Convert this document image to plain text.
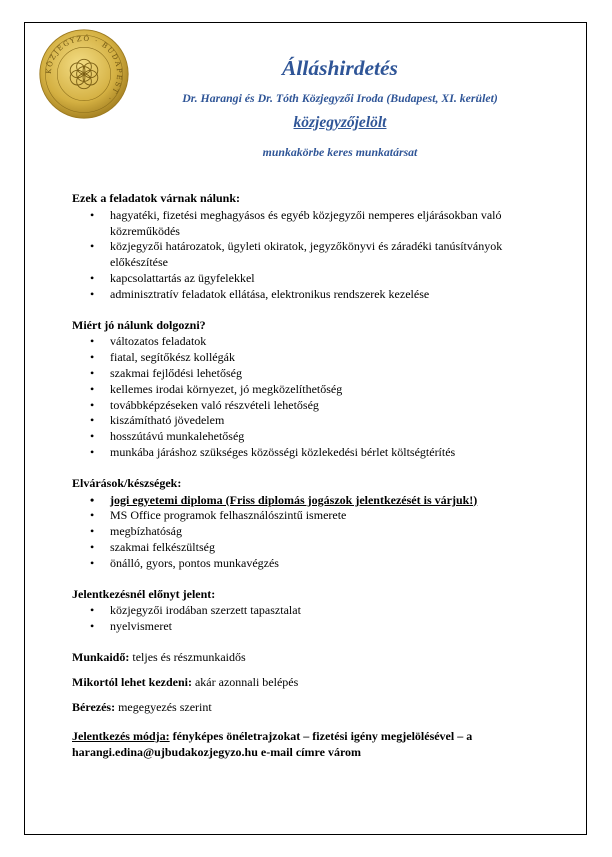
KÖZJEGYZŐ · BUDAPEST ·
Álláshirdetés
Dr. Harangi és Dr. Tóth Közjegyzői Iroda (Budapest, XI. kerület)
közjegyzőjelölt
munkakörbe keres munkatársat
Ezek a feladatok várnak nálunk:
• hagyatéki, fizetési meghagyásos és egyéb közjegyzői nemperes eljárásokban való közreműködés
• közjegyzői határozatok, ügyleti okiratok, jegyzőkönyvi és záradéki tanúsítványok előkészítése
• kapcsolattartás az ügyfelekkel
• adminisztratív feladatok ellátása, elektronikus rendszerek kezelése
Miért jó nálunk dolgozni?
• változatos feladatok
• fiatal, segítőkész kollégák
• szakmai fejlődési lehetőség
• kellemes irodai környezet, jó megközelíthetőség
• továbbképzéseken való részvételi lehetőség
• kiszámítható jövedelem
• hosszútávú munkalehetőség
• munkába járáshoz szükséges közösségi közlekedési bérlet költségtérítés
Elvárások/készségek:
• jogi egyetemi diploma (Friss diplomás jogászok jelentkezését is várjuk!)
• MS Office programok felhasználószintű ismerete
• megbízhatóság
• szakmai felkészültség
• önálló, gyors, pontos munkavégzés
Jelentkezésnél előnyt jelent:
• közjegyzői irodában szerzett tapasztalat
• nyelvismeret

Munkaidő: teljes és részmunkaidős

Mikortól lehet kezdeni: akár azonnali belépés

Bérezés: megegyezés szerint

Jelentkezés módja: fényképes önéletrajzokat – fizetési igény megjelölésével – a harangi.edina@ujbudakozjegyzo.hu e-mail címre várom
